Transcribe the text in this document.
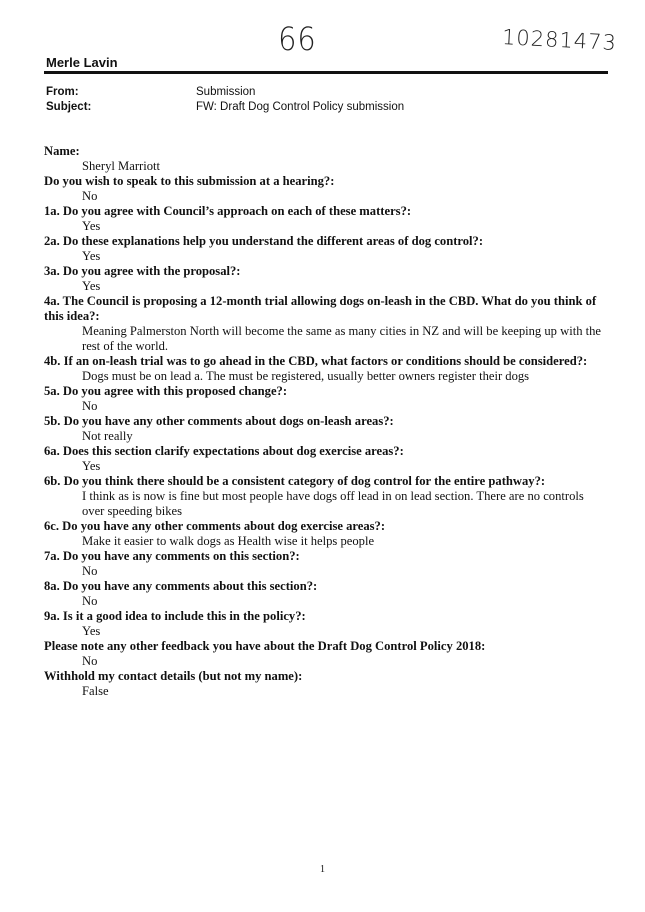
66	10281473
Merle Lavin
From:	Submission
Subject:	FW: Draft Dog Control Policy submission

Name:

Sheryl Marriott

Do you wish to speak to this submission at a hearing?:

No

1a. Do you agree with Council’s approach on each of these matters?:

Yes

2a. Do these explanations help you understand the different areas of dog control?:

Yes

3a. Do you agree with the proposal?:

Yes

4a. The Council is proposing a 12-month trial allowing dogs on-leash in the CBD. What do you think of this idea?:

Meaning Palmerston North will become the same as many cities in NZ and will be keeping up with the rest of the world.

4b. If an on-leash trial was to go ahead in the CBD, what factors or conditions should be considered?:

Dogs must be on lead a. The must be registered, usually better owners register their dogs

5a. Do you agree with this proposed change?:

No

5b. Do you have any other comments about dogs on-leash areas?:

Not really

6a. Does this section clarify expectations about dog exercise areas?:

Yes

6b. Do you think there should be a consistent category of dog control for the entire pathway?:

I think as is now is fine but most people have dogs off lead in on lead section. There are no controls over speeding bikes

6c. Do you have any other comments about dog exercise areas?:

Make it easier to walk dogs as Health wise it helps people

7a. Do you have any comments on this section?:

No

8a. Do you have any comments about this section?:

No

9a. Is it a good idea to include this in the policy?:

Yes

Please note any other feedback you have about the Draft Dog Control Policy 2018:

No

Withhold my contact details (but not my name):

False

1
